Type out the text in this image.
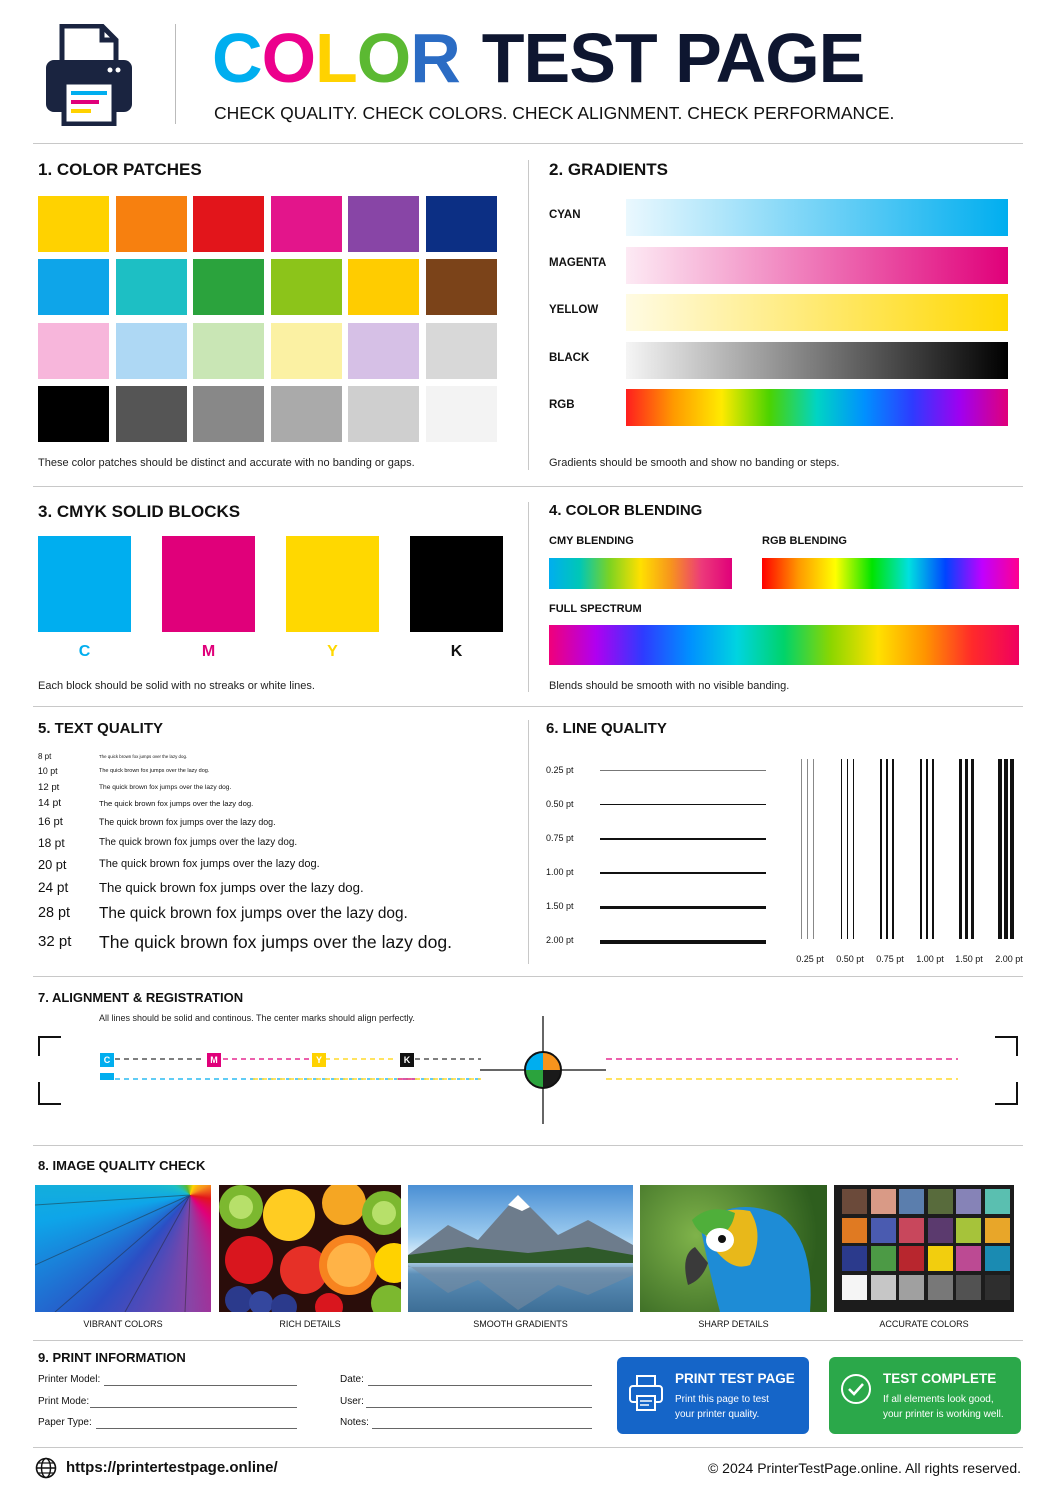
COLOR TEST PAGE
CHECK QUALITY. CHECK COLORS. CHECK ALIGNMENT. CHECK PERFORMANCE.
1. COLOR PATCHES
These color patches should be distinct and accurate with no banding or gaps.
2. GRADIENTS
CYAN
MAGENTA
YELLOW
BLACK
RGB
Gradients should be smooth and show no banding or steps.
3. CMYK SOLID BLOCKS
C	M	Y	K
Each block should be solid with no streaks or white lines.
4. COLOR BLENDING
CMY BLENDING	RGB BLENDING
FULL SPECTRUM
Blends should be smooth with no visible banding.
5. TEXT QUALITY
8 pt	The quick brown fox jumps over the lazy dog.
10 pt	The quick brown fox jumps over the lazy dog.
12 pt	The quick brown fox jumps over the lazy dog.
14 pt	The quick brown fox jumps over the lazy dog.
16 pt	The quick brown fox jumps over the lazy dog.
18 pt	The quick brown fox jumps over the lazy dog.
20 pt	The quick brown fox jumps over the lazy dog.
24 pt The quick brown fox jumps over the lazy dog.
28 pt The quick brown fox jumps over the lazy dog.
32 pt The quick brown fox jumps over the lazy dog.
6. LINE QUALITY
0.25 pt
0.50 pt
0.75 pt
1.00 pt
1.50 pt
2.00 pt
0.25 pt	0.50 pt	0.75 pt	1.00 pt	1.50 pt	2.00 pt
7. ALIGNMENT & REGISTRATION
All lines should be solid and continous. The center marks should align perfectly.
C	M	Y	K
8. IMAGE QUALITY CHECK
VIBRANT COLORS	RICH DETAILS	SMOOTH GRADIENTS	SHARP DETAILS	ACCURATE COLORS
9. PRINT INFORMATION
Printer Model:
Print Mode:
Paper Type:
Date:
User:
Notes:
PRINT TEST PAGE
Print this page to test
your printer quality.
TEST COMPLETE
If all elements look good,
your printer is working well.
https://printertestpage.online/	© 2024 PrinterTestPage.online. All rights reserved.
